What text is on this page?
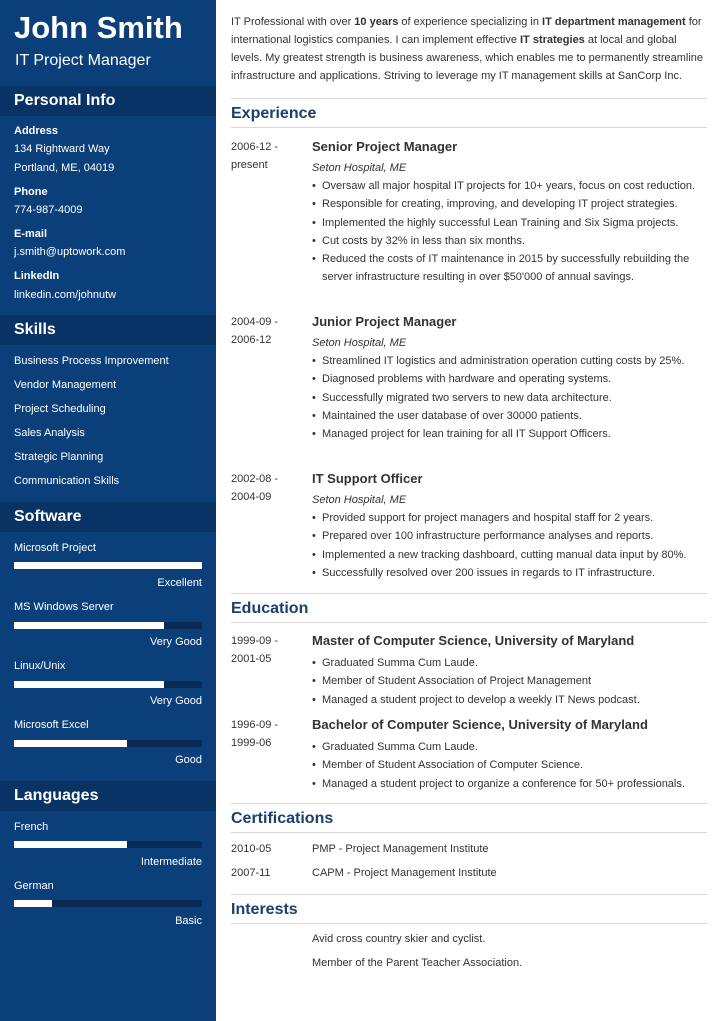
John Smith
IT Project Manager
Personal Info
Address
134 Rightward Way
Portland, ME, 04019
Phone
774-987-4009
E-mail
j.smith@uptowork.com
LinkedIn
linkedin.com/johnutw
Skills
Business Process Improvement
Vendor Management
Project Scheduling
Sales Analysis
Strategic Planning
Communication Skills
Software
Microsoft Project
Excellent
MS Windows Server
Very Good
Linux/Unix
Very Good
Microsoft Excel
Good
Languages
French
Intermediate
German
Basic
IT Professional with over 10 years of experience specializing in IT department management for international logistics companies. I can implement effective IT strategies at local and global levels. My greatest strength is business awareness, which enables me to permanently streamline infrastructure and applications. Striving to leverage my IT management skills at SanCorp Inc.
Experience
2006-12 -
present
Senior Project Manager
Seton Hospital, ME
• Oversaw all major hospital IT projects for 10+ years, focus on cost reduction.
• Responsible for creating, improving, and developing IT project strategies.
• Implemented the highly successful Lean Training and Six Sigma projects.
• Cut costs by 32% in less than six months.
• Reduced the costs of IT maintenance in 2015 by successfully rebuilding the server infrastructure resulting in over $50'000 of annual savings.
2004-09 -
2006-12
Junior Project Manager
Seton Hospital, ME
• Streamlined IT logistics and administration operation cutting costs by 25%.
• Diagnosed problems with hardware and operating systems.
• Successfully migrated two servers to new data architecture.
• Maintained the user database of over 30000 patients.
• Managed project for lean training for all IT Support Officers.
2002-08 -
2004-09
IT Support Officer
Seton Hospital, ME
• Provided support for project managers and hospital staff for 2 years.
• Prepared over 100 infrastructure performance analyses and reports.
• Implemented a new tracking dashboard, cutting manual data input by 80%.
• Successfully resolved over 200 issues in regards to IT infrastructure.
Education
1999-09 -
2001-05
Master of Computer Science, University of Maryland
• Graduated Summa Cum Laude.
• Member of Student Association of Project Management
• Managed a student project to develop a weekly IT News podcast.
1996-09 -
1999-06
Bachelor of Computer Science, University of Maryland
• Graduated Summa Cum Laude.
• Member of Student Association of Computer Science.
• Managed a student project to organize a conference for 50+ professionals.
Certifications
2010-05	PMP - Project Management Institute
2007-11	CAPM - Project Management Institute
Interests
Avid cross country skier and cyclist.
Member of the Parent Teacher Association.
